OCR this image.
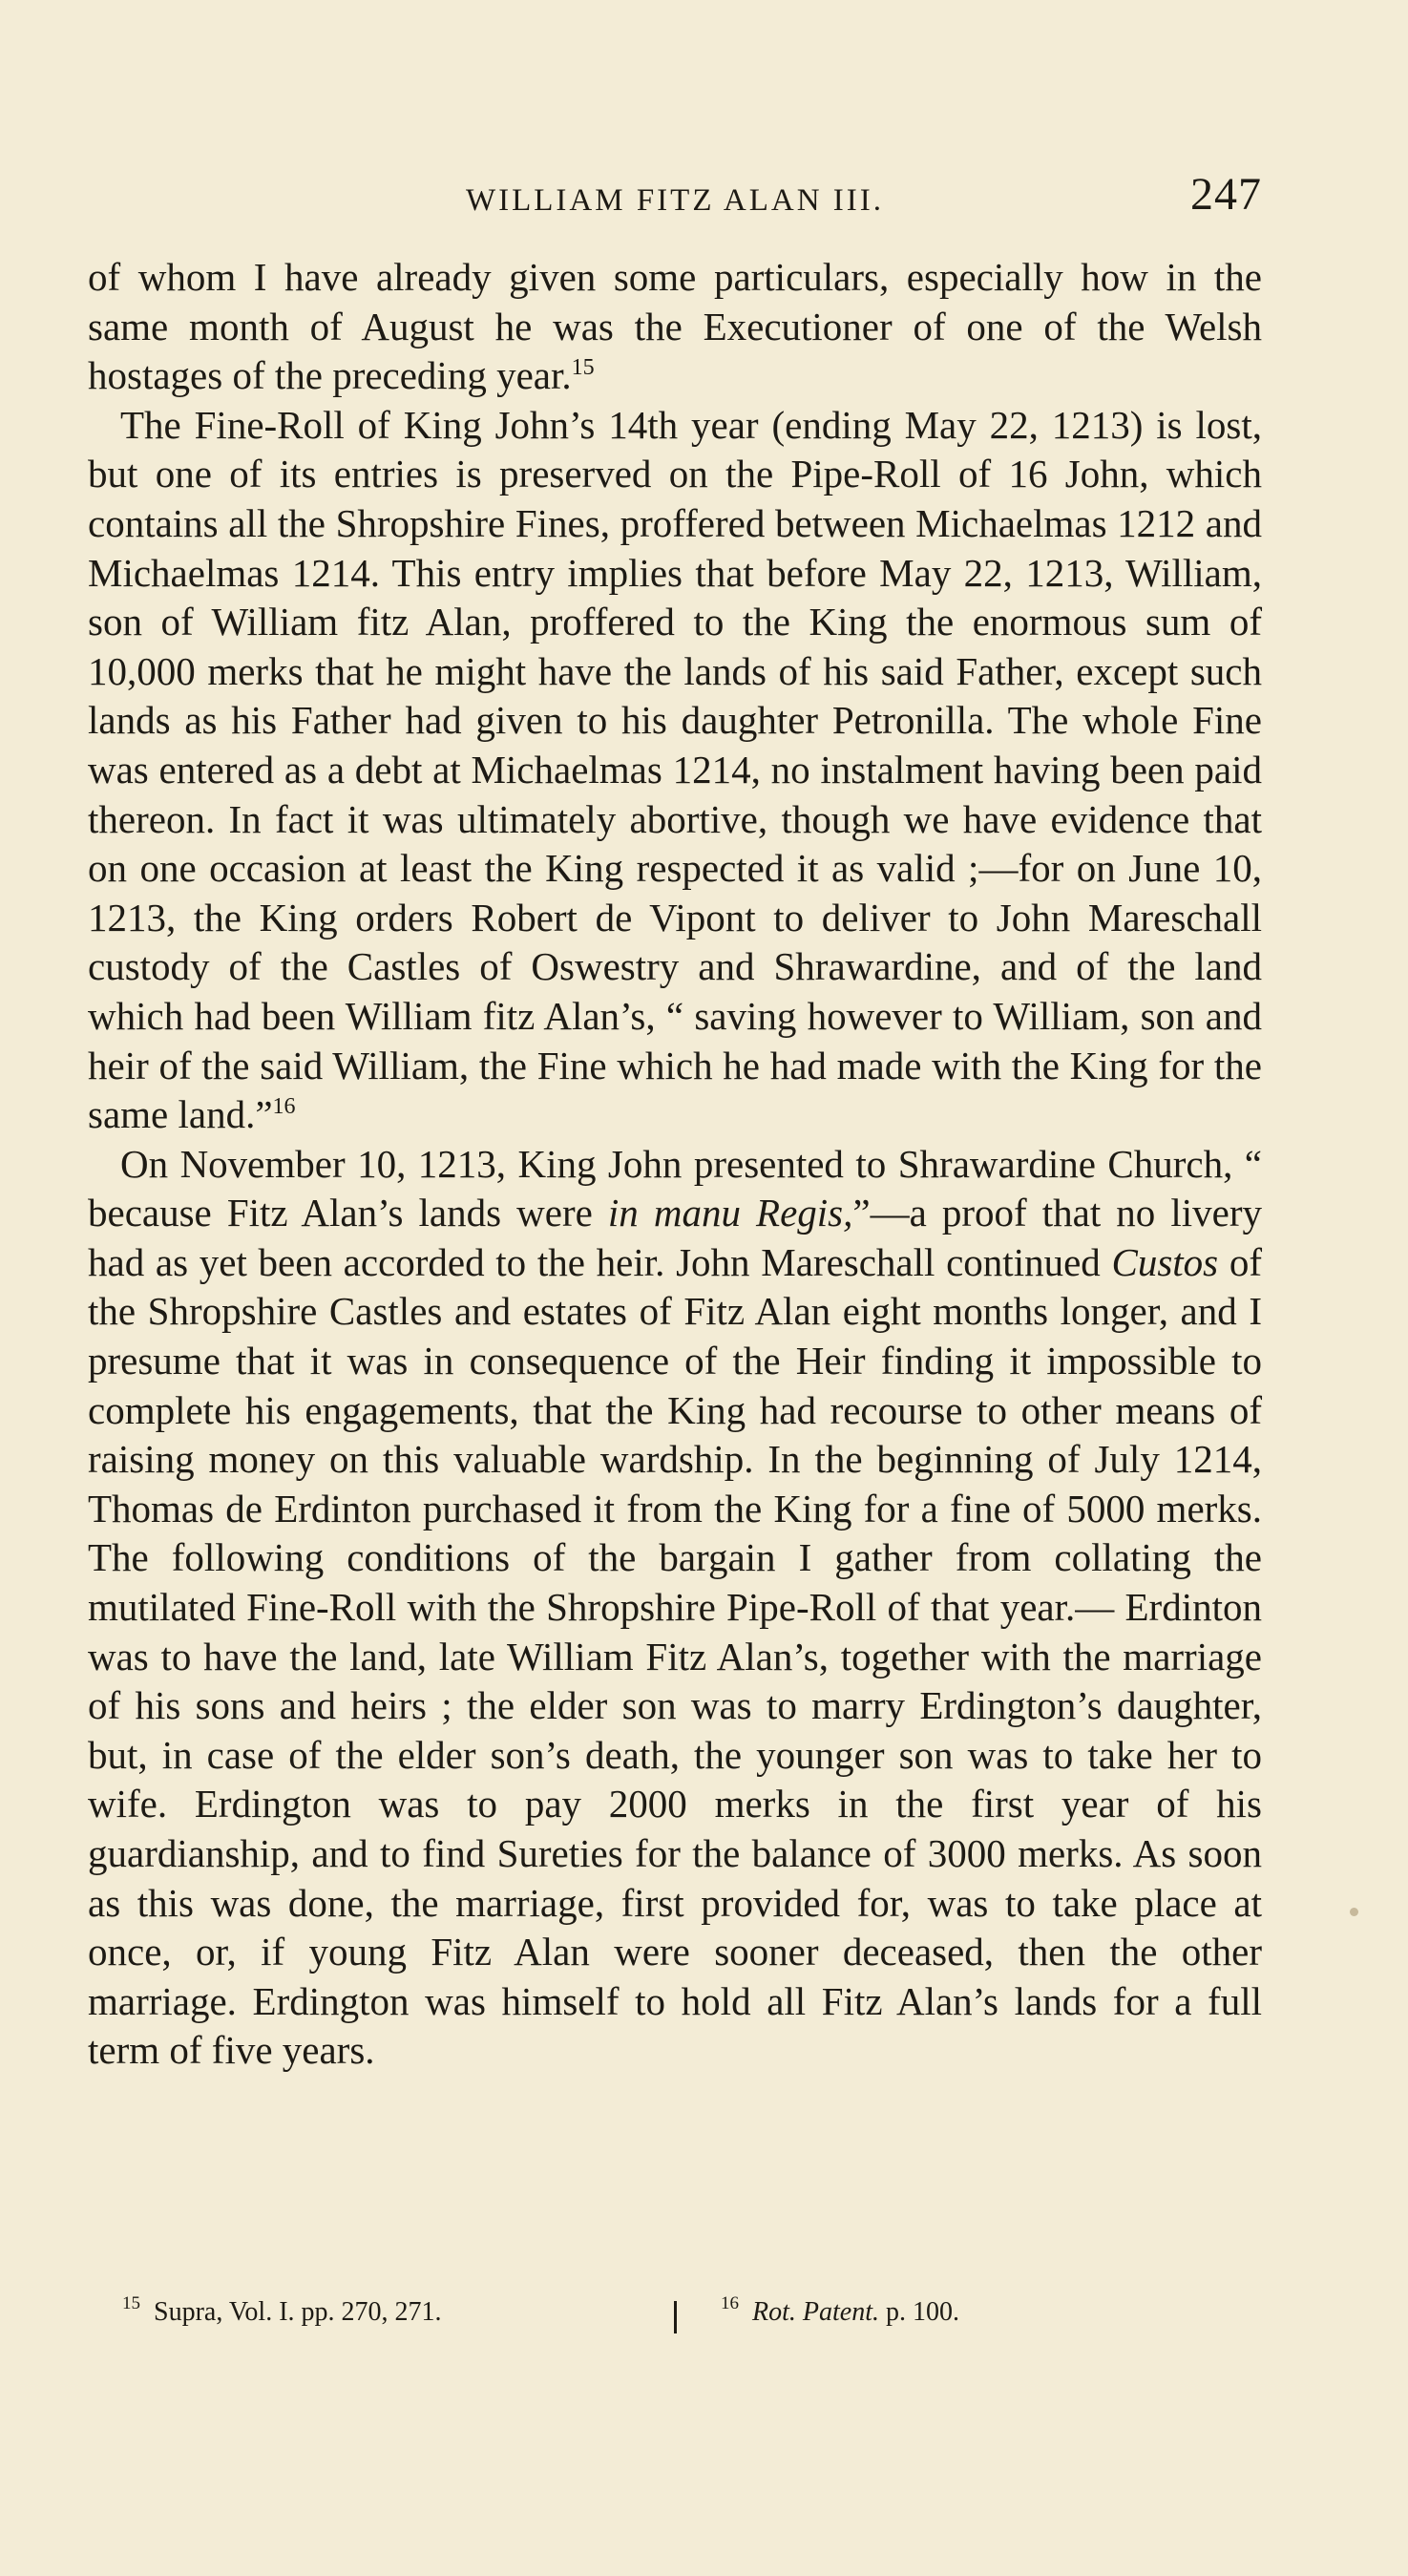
WILLIAM FITZ ALAN III.	247

of whom I have already given some particulars, especially how in the same month of August he was the Executioner of one of the Welsh hostages of the preceding year.$^{15}$

The Fine-Roll of King John’s 14th year (ending May 22, 1213) is lost, but one of its entries is preserved on the Pipe-Roll of 16 John, which contains all the Shropshire Fines, proffered between Michaelmas 1212 and Michaelmas 1214. This entry implies that before May 22, 1213, William, son of William fitz Alan, proffered to the King the enormous sum of 10,000 merks that he might have the lands of his said Father, except such lands as his Father had given to his daughter Petronilla. The whole Fine was entered as a debt at Michaelmas 1214, no instalment having been paid thereon. In fact it was ultimately abortive, though we have evidence that on one occasion at least the King respected it as valid ;—for on June 10, 1213, the King orders Robert de Vipont to deliver to John Mareschall custody of the Castles of Oswestry and Shrawardine, and of the land which had been William fitz Alan’s, “ saving however to William, son and heir of the said William, the Fine which he had made with the King for the same land.”$^{16}$

On November 10, 1213, King John presented to Shrawardine Church, “ because Fitz Alan’s lands were in manu Regis,”—a proof that no livery had as yet been accorded to the heir. John Mareschall continued Custos of the Shropshire Castles and estates of Fitz Alan eight months longer, and I presume that it was in consequence of the Heir finding it impossible to complete his engagements, that the King had recourse to other means of raising money on this valuable wardship. In the beginning of July 1214, Thomas de Erdinton purchased it from the King for a fine of 5000 merks. The following conditions of the bargain I gather from collating the mutilated Fine-Roll with the Shropshire Pipe-Roll of that year.— Erdinton was to have the land, late William Fitz Alan’s, together with the marriage of his sons and heirs ; the elder son was to marry Erdington’s daughter, but, in case of the elder son’s death, the younger son was to take her to wife. Erdington was to pay 2000 merks in the first year of his guardianship, and to find Sureties for the balance of 3000 merks. As soon as this was done, the marriage, first provided for, was to take place at once, or, if young Fitz Alan were sooner deceased, then the other marriage. Erdington was himself to hold all Fitz Alan’s lands for a full term of five years.

$^{15}$ Supra, Vol. I. pp. 270, 271.	$^{16}$ Rot. Patent. p. 100.
